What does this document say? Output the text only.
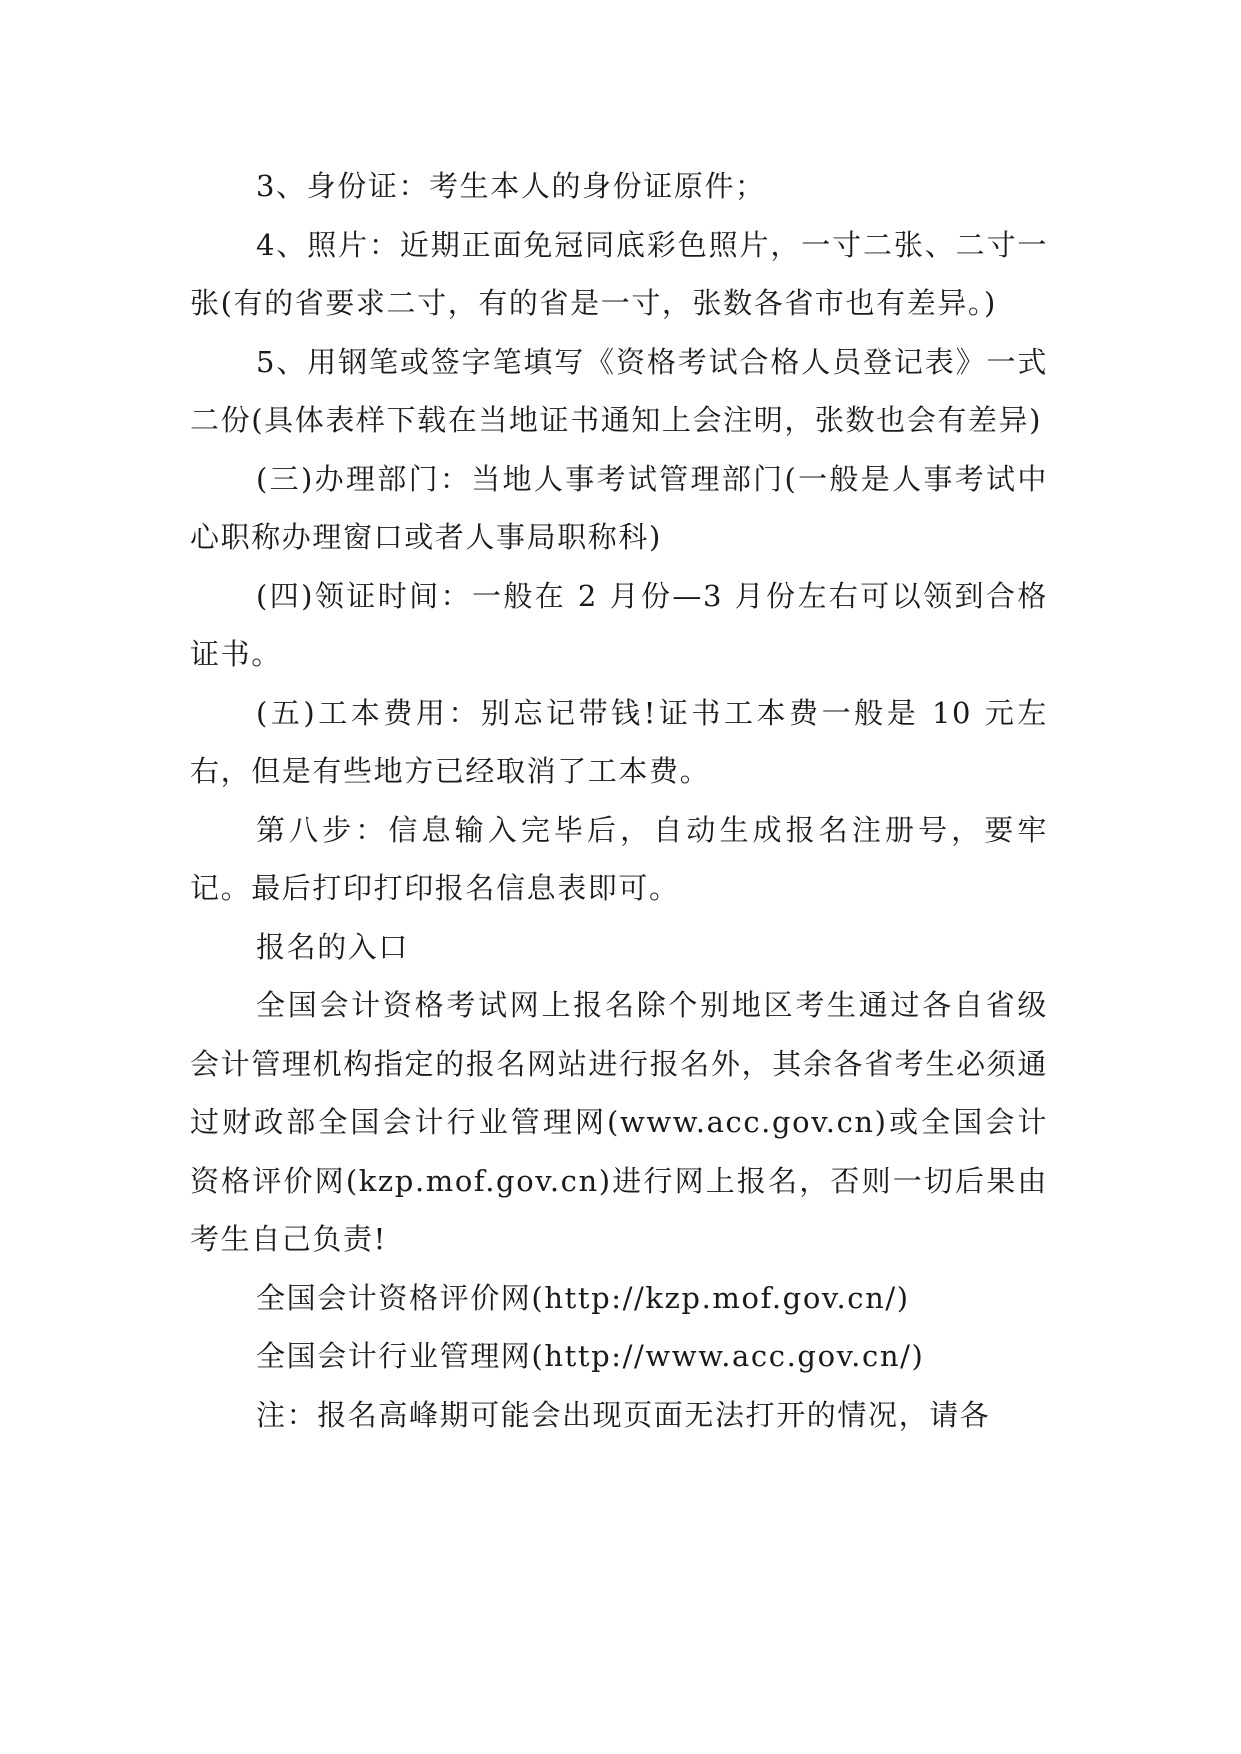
3、身份证：考生本人的身份证原件；

4、照片：近期正面免冠同底彩色照片，一寸二张、二寸一张(有的省要求二寸，有的省是一寸，张数各省市也有差异。)

5、用钢笔或签字笔填写《资格考试合格人员登记表》一式二份(具体表样下载在当地证书通知上会注明，张数也会有差异)

(三)办理部门：当地人事考试管理部门(一般是人事考试中心职称办理窗口或者人事局职称科)

(四)领证时间：一般在 2 月份—3 月份左右可以领到合格证书。

(五)工本费用：别忘记带钱!证书工本费一般是 10 元左右，但是有些地方已经取消了工本费。

第八步：信息输入完毕后，自动生成报名注册号，要牢记。最后打印打印报名信息表即可。

报名的入口

全国会计资格考试网上报名除个别地区考生通过各自省级会计管理机构指定的报名网站进行报名外，其余各省考生必须通过财政部全国会计行业管理网(www.acc.gov.cn)或全国会计资格评价网(kzp.mof.gov.cn)进行网上报名，否则一切后果由考生自己负责!

全国会计资格评价网(http://kzp.mof.gov.cn/)

全国会计行业管理网(http://www.acc.gov.cn/)

注：报名高峰期可能会出现页面无法打开的情况，请各
